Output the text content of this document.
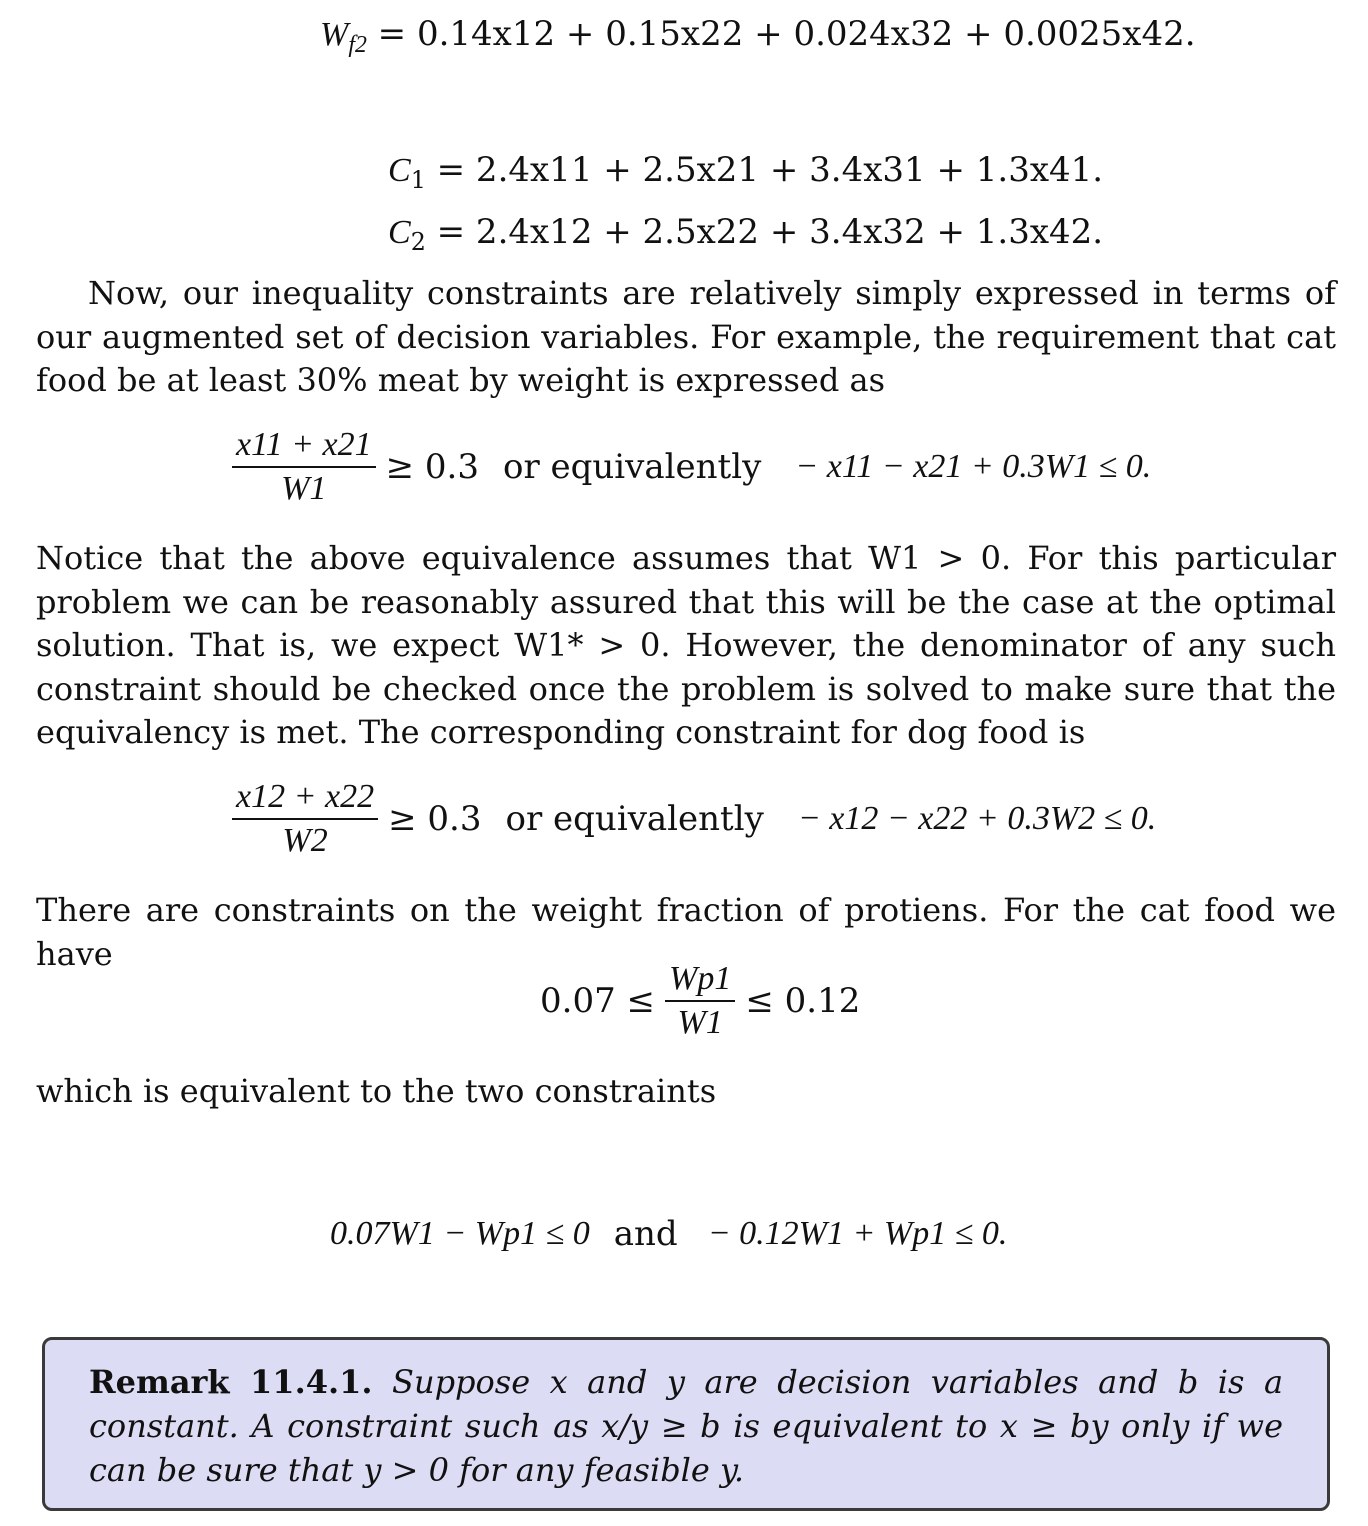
$W_{f2} = 0.14x12 + 0.15x22 + 0.024x32 + 0.0025x42$.
$C_1 = 2.4x11 + 2.5x21 + 3.4x31 + 1.3x41$.
$C_2 = 2.4x12 + 2.5x22 + 3.4x32 + 1.3x42$.

Now, our inequality constraints are relatively simply expressed in terms of our augmented set of decision variables. For example, the requirement that cat food be at least 30% meat by weight is expressed as

$\frac{x11 + x21}{W1} \ge 0.3$ or equivalently − x11 − x21 + 0.3W1 ≤ 0.

Notice that the above equivalence assumes that W1 > 0. For this particular problem we can be reasonably assured that this will be the case at the optimal solution. That is, we expect W1* > 0. However, the denominator of any such constraint should be checked once the problem is solved to make sure that the equivalency is met. The corresponding constraint for dog food is

$\frac{x12 + x22}{W2} \ge 0.3$ or equivalently − x12 − x22 + 0.3W2 ≤ 0.

There are constraints on the weight fraction of protiens. For the cat food we have

$0.07 \le \frac{Wp1}{W1} \le 0.12$

which is equivalent to the two constraints

0.07W1 − Wp1 ≤ 0 and − 0.12W1 + Wp1 ≤ 0.
Remark 11.4.1. Suppose x and y are decision variables and b is a constant. A constraint such as x/y ≥ b is equivalent to x ≥ by only if we can be sure that y > 0 for any feasible y.
